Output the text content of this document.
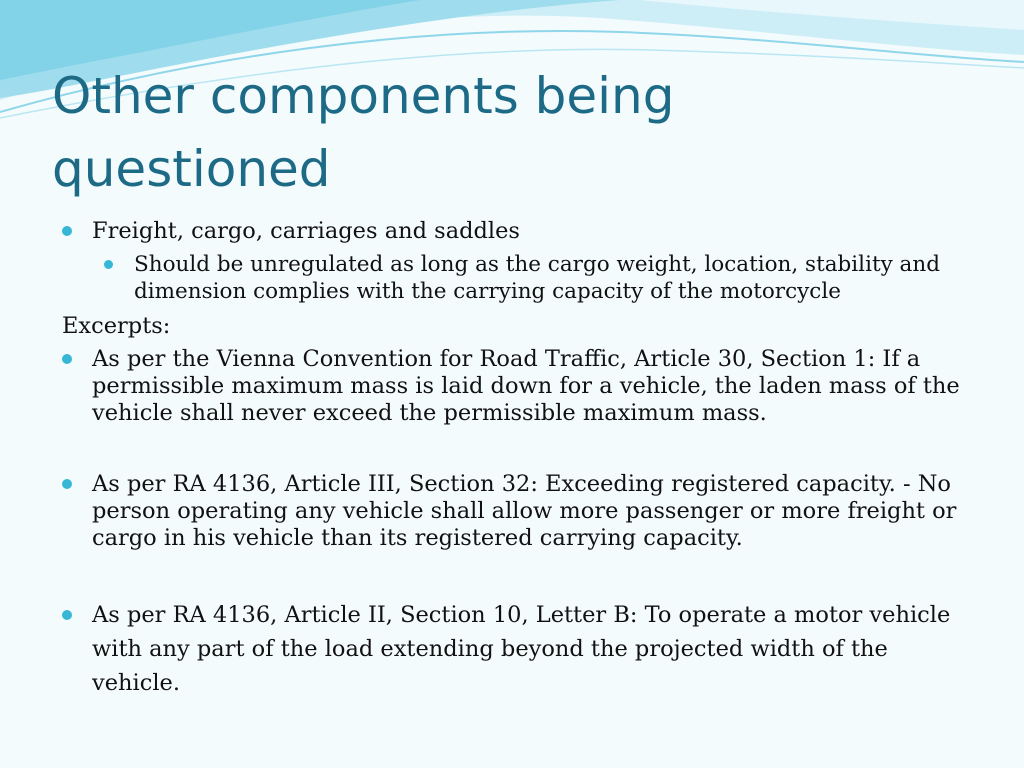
Other components being
questioned
Freight, cargo, carriages and saddles
Should be unregulated as long as the cargo weight, location, stability and dimension complies with the carrying capacity of the motorcycle
Excerpts:
As per the Vienna Convention for Road Traffic, Article 30, Section 1: If a permissible maximum mass is laid down for a vehicle, the laden mass of the vehicle shall never exceed the permissible maximum mass.
As per RA 4136, Article III, Section 32: Exceeding registered capacity. - No person operating any vehicle shall allow more passenger or more freight or cargo in his vehicle than its registered carrying capacity.
As per RA 4136, Article II, Section 10, Letter B: To operate a motor vehicle with any part of the load extending beyond the projected width of the vehicle.
